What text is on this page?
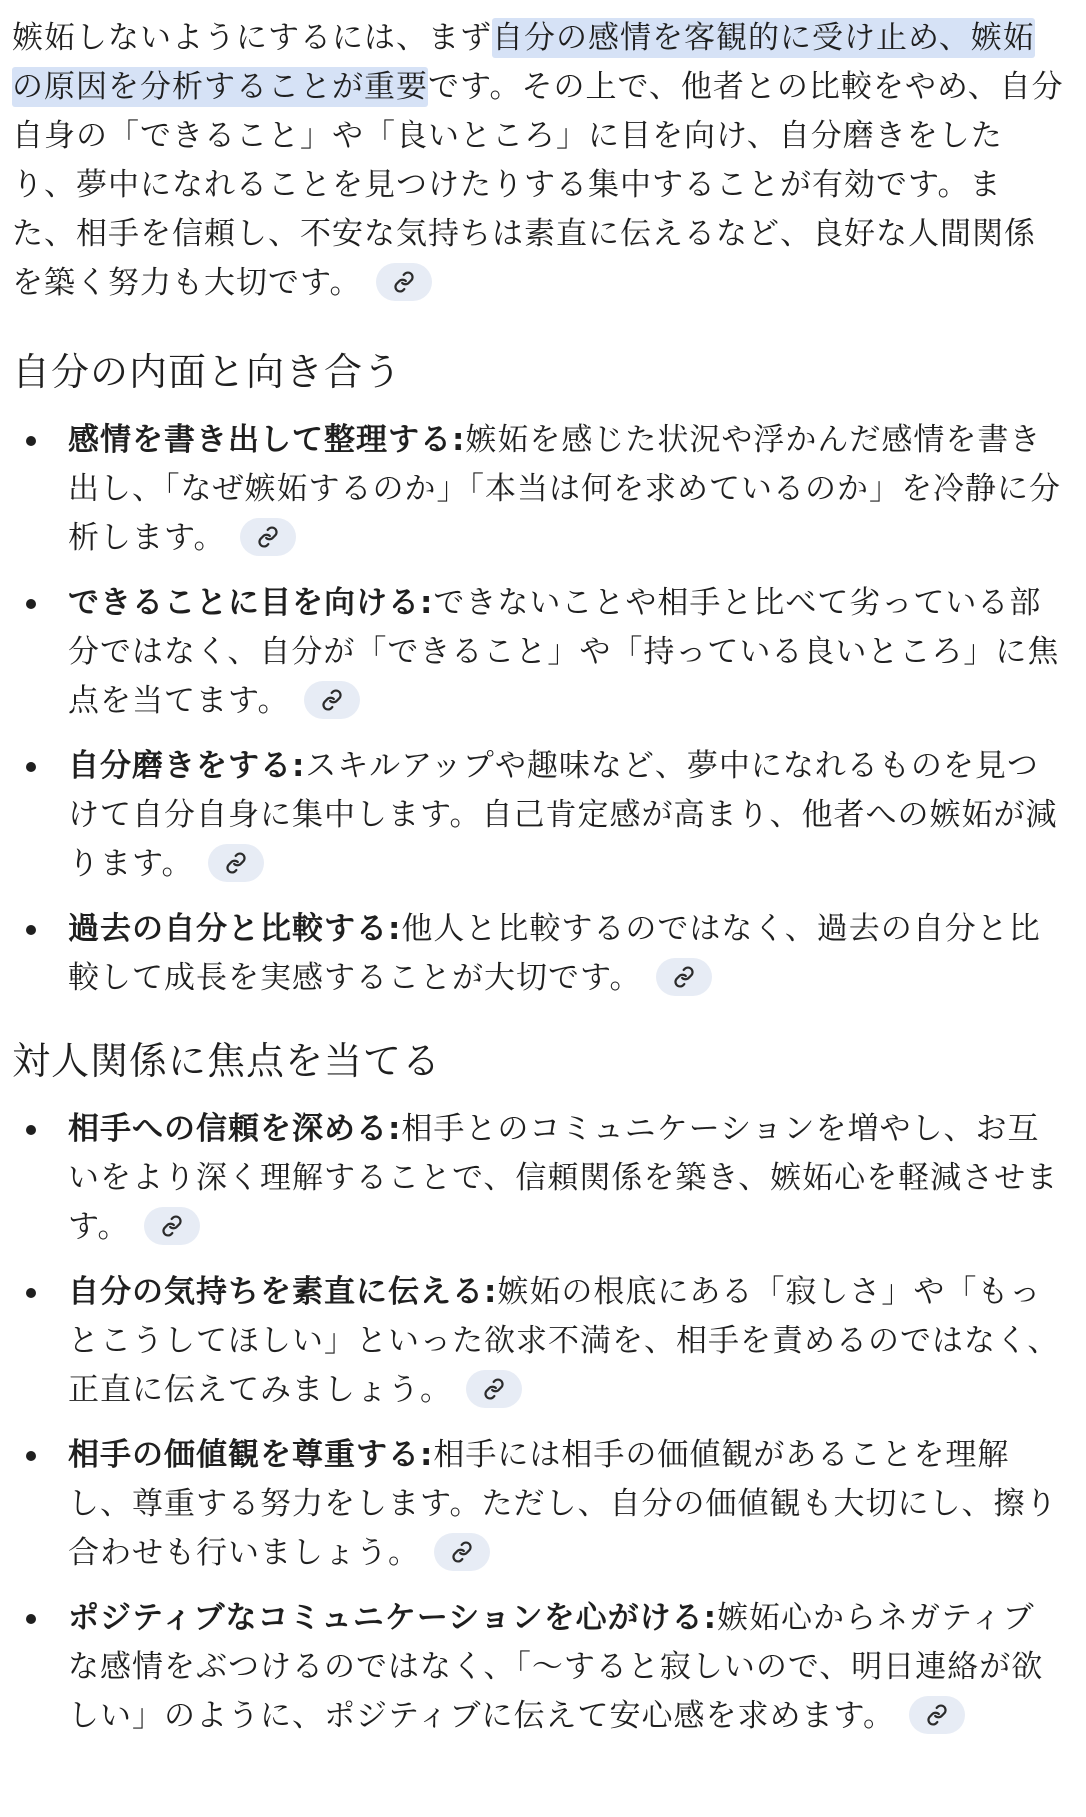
嫉妬しないようにするには、まず自分の感情を客観的に受け止め、嫉妬の原因を分析することが重要です。その上で、他者との比較をやめ、自分自身の「できること」や「良いところ」に目を向け、自分磨きをしたり、夢中になれることを見つけたりする集中することが有効です。また、相手を信頼し、不安な気持ちは素直に伝えるなど、良好な人間関係を築く努力も大切です。

自分の内面と向き合う
感情を書き出して整理する:嫉妬を感じた状況や浮かんだ感情を書き出し、「なぜ嫉妬するのか」「本当は何を求めているのか」を冷静に分析します。
できることに目を向ける:できないことや相手と比べて劣っている部分ではなく、自分が「できること」や「持っている良いところ」に焦点を当てます。
自分磨きをする:スキルアップや趣味など、夢中になれるものを見つけて自分自身に集中します。自己肯定感が高まり、他者への嫉妬が減ります。
過去の自分と比較する:他人と比較するのではなく、過去の自分と比較して成長を実感することが大切です。
対人関係に焦点を当てる
相手への信頼を深める:相手とのコミュニケーションを増やし、お互いをより深く理解することで、信頼関係を築き、嫉妬心を軽減させます。
自分の気持ちを素直に伝える:嫉妬の根底にある「寂しさ」や「もっとこうしてほしい」といった欲求不満を、相手を責めるのではなく、正直に伝えてみましょう。
相手の価値観を尊重する:相手には相手の価値観があることを理解し、尊重する努力をします。ただし、自分の価値観も大切にし、擦り合わせも行いましょう。
ポジティブなコミュニケーションを心がける:嫉妬心からネガティブな感情をぶつけるのではなく、「〜すると寂しいので、明日連絡が欲しい」のように、ポジティブに伝えて安心感を求めます。
